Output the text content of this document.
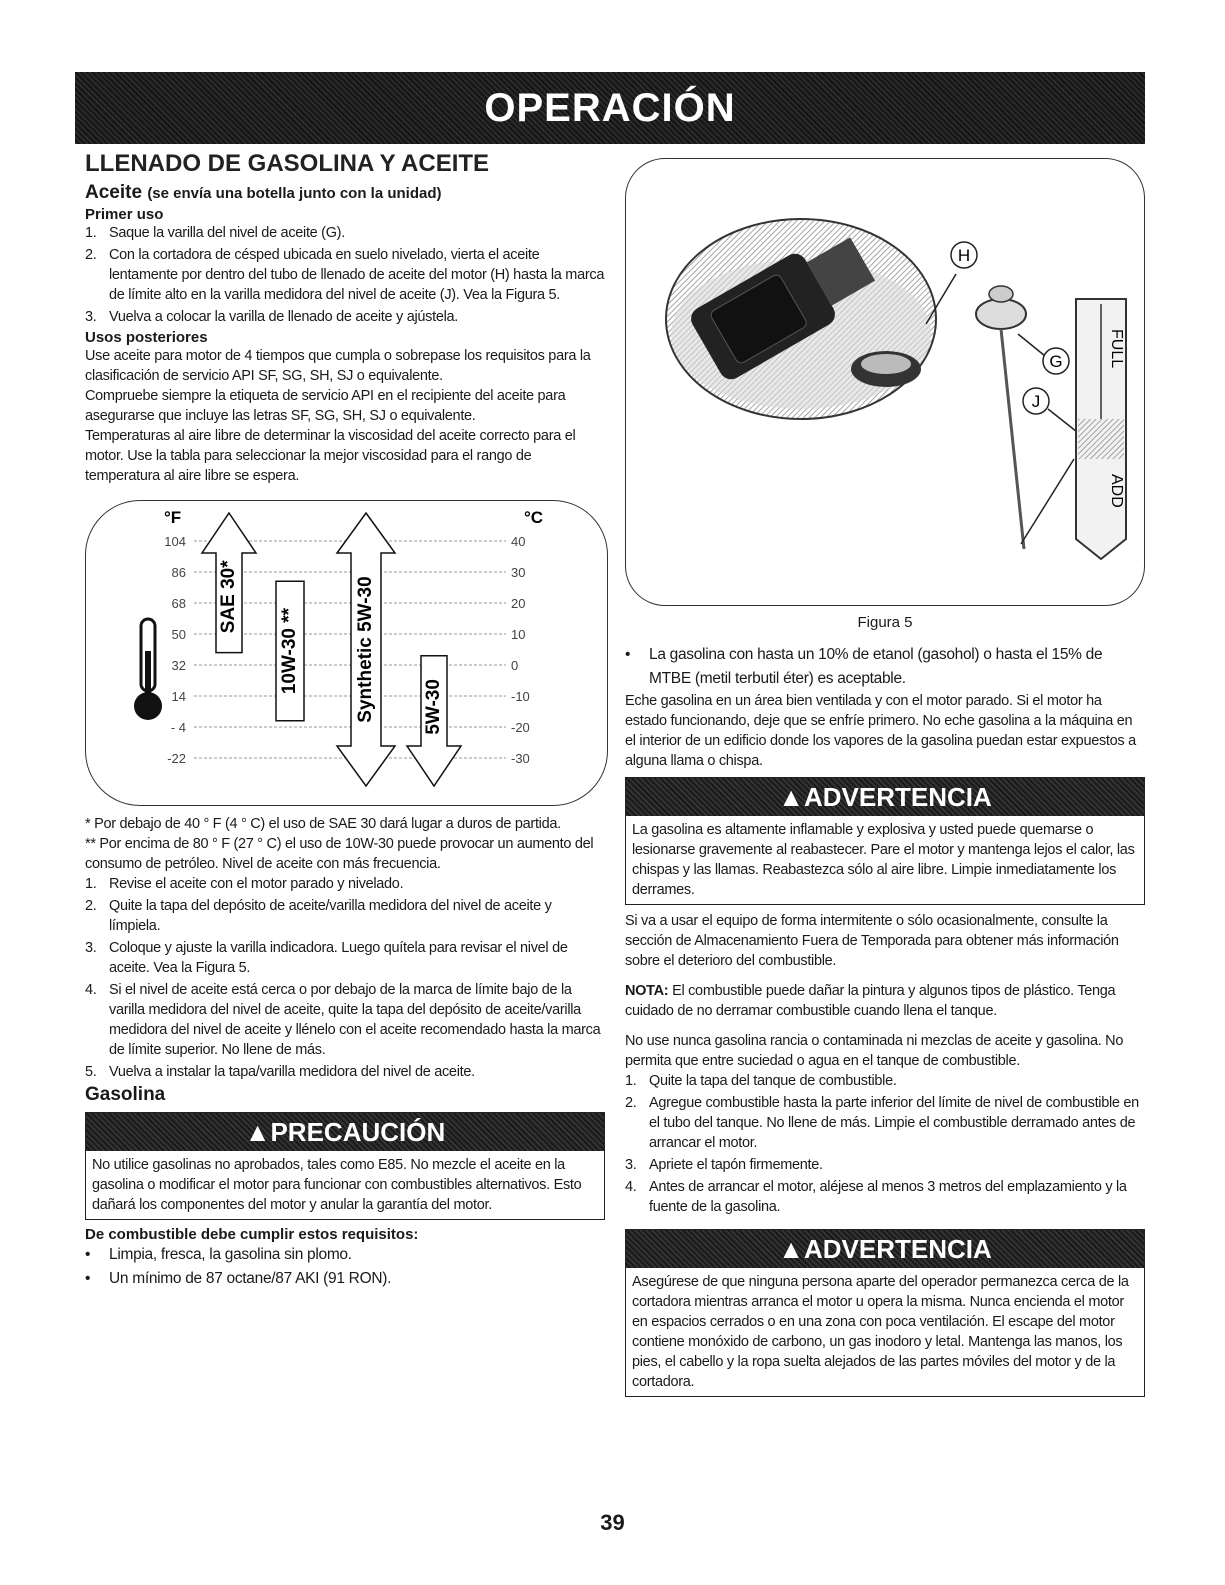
OPERACIÓN
LLENADO DE GASOLINA Y ACEITE
Aceite (se envía una botella junto con la unidad)
Primer uso
1. Saque la varilla del nivel de aceite (G).
2. Con la cortadora de césped ubicada en suelo nivelado, vierta el aceite lentamente por dentro del tubo de llenado de aceite del motor (H) hasta la marca de límite alto en la varilla medidora del nivel de aceite (J). Vea la Figura 5.
3. Vuelva a colocar la varilla de llenado de aceite y ajústela.
Usos posteriores

Use aceite para motor de 4 tiempos que cumpla o sobrepase los requisitos para la clasificación de servicio API SF, SG, SH, SJ o equivalente.

Compruebe siempre la etiqueta de servicio API en el recipiente del aceite para asegurarse que incluye las letras SF, SG, SH, SJ o equivalente.

Temperaturas al aire libre de determinar la viscosidad del aceite correcto para el motor. Use la tabla para seleccionar la mejor viscosidad para el rango de temperatura al aire libre se espera.

°F	°C
104	40
86	30
68	20
50	10
32	0
14	-10
- 4	-20
-22	-30
SAE 30*
10W-30 **	Synthetic 5W-30 5W-30

* Por debajo de 40 ° F (4 ° C) el uso de SAE 30 dará lugar a duros de partida.

** Por encima de 80 ° F (27 ° C) el uso de 10W-30 puede provocar un aumento del consumo de petróleo. Nivel de aceite con más frecuencia.

1. Revise el aceite con el motor parado y nivelado.
2. Quite la tapa del depósito de aceite/varilla medidora del nivel de aceite y límpiela.
3. Coloque y ajuste la varilla indicadora. Luego quítela para revisar el nivel de aceite. Vea la Figura 5.
4. Si el nivel de aceite está cerca o por debajo de la marca de límite bajo de la varilla medidora del nivel de aceite, quite la tapa del depósito de aceite/varilla medidora del nivel de aceite y llénelo con el aceite recomendado hasta la marca de límite superior. No llene de más.
5. Vuelva a instalar la tapa/varilla medidora del nivel de aceite.
Gasolina
▲PRECAUCIÓN

No utilice gasolinas no aprobados, tales como E85. No mezcle el aceite en la gasolina o modificar el motor para funcionar con combustibles alternativos. Esto dañará los componentes del motor y anular la garantía del motor.

De combustible debe cumplir estos requisitos:
• Limpia, fresca, la gasolina sin plomo.
• Un mínimo de 87 octane/87 AKI (91 RON).
H
G
J
FULL
ADD
Figura 5
• La gasolina con hasta un 10% de etanol (gasohol) o hasta el 15% de MTBE (metil terbutil éter) es aceptable.

Eche gasolina en un área bien ventilada y con el motor parado. Si el motor ha estado funcionando, deje que se enfríe primero. No eche gasolina a la máquina en el interior de un edificio donde los vapores de la gasolina puedan estar expuestos a alguna llama o chispa.

▲ADVERTENCIA

La gasolina es altamente inflamable y explosiva y usted puede quemarse o lesionarse gravemente al reabastecer. Pare el motor y mantenga lejos el calor, las chispas y las llamas. Reabastezca sólo al aire libre. Limpie inmediatamente los derrames.

Si va a usar el equipo de forma intermitente o sólo ocasionalmente, consulte la sección de Almacenamiento Fuera de Temporada para obtener más información sobre el deterioro del combustible.

NOTA: El combustible puede dañar la pintura y algunos tipos de plástico. Tenga cuidado de no derramar combustible cuando llena el tanque.

No use nunca gasolina rancia o contaminada ni mezclas de aceite y gasolina. No permita que entre suciedad o agua en el tanque de combustible.

1. Quite la tapa del tanque de combustible.
2. Agregue combustible hasta la parte inferior del límite de nivel de combustible en el tubo del tanque. No llene de más. Limpie el combustible derramado antes de arrancar el motor.
3. Apriete el tapón firmemente.
4. Antes de arrancar el motor, aléjese al menos 3 metros del emplazamiento y la fuente de la gasolina.
▲ADVERTENCIA

Asegúrese de que ninguna persona aparte del operador permanezca cerca de la cortadora mientras arranca el motor u opera la misma. Nunca encienda el motor en espacios cerrados o en una zona con poca ventilación. El escape del motor contiene monóxido de carbono, un gas inodoro y letal. Mantenga las manos, los pies, el cabello y la ropa suelta alejados de las partes móviles del motor y de la cortadora.

39
